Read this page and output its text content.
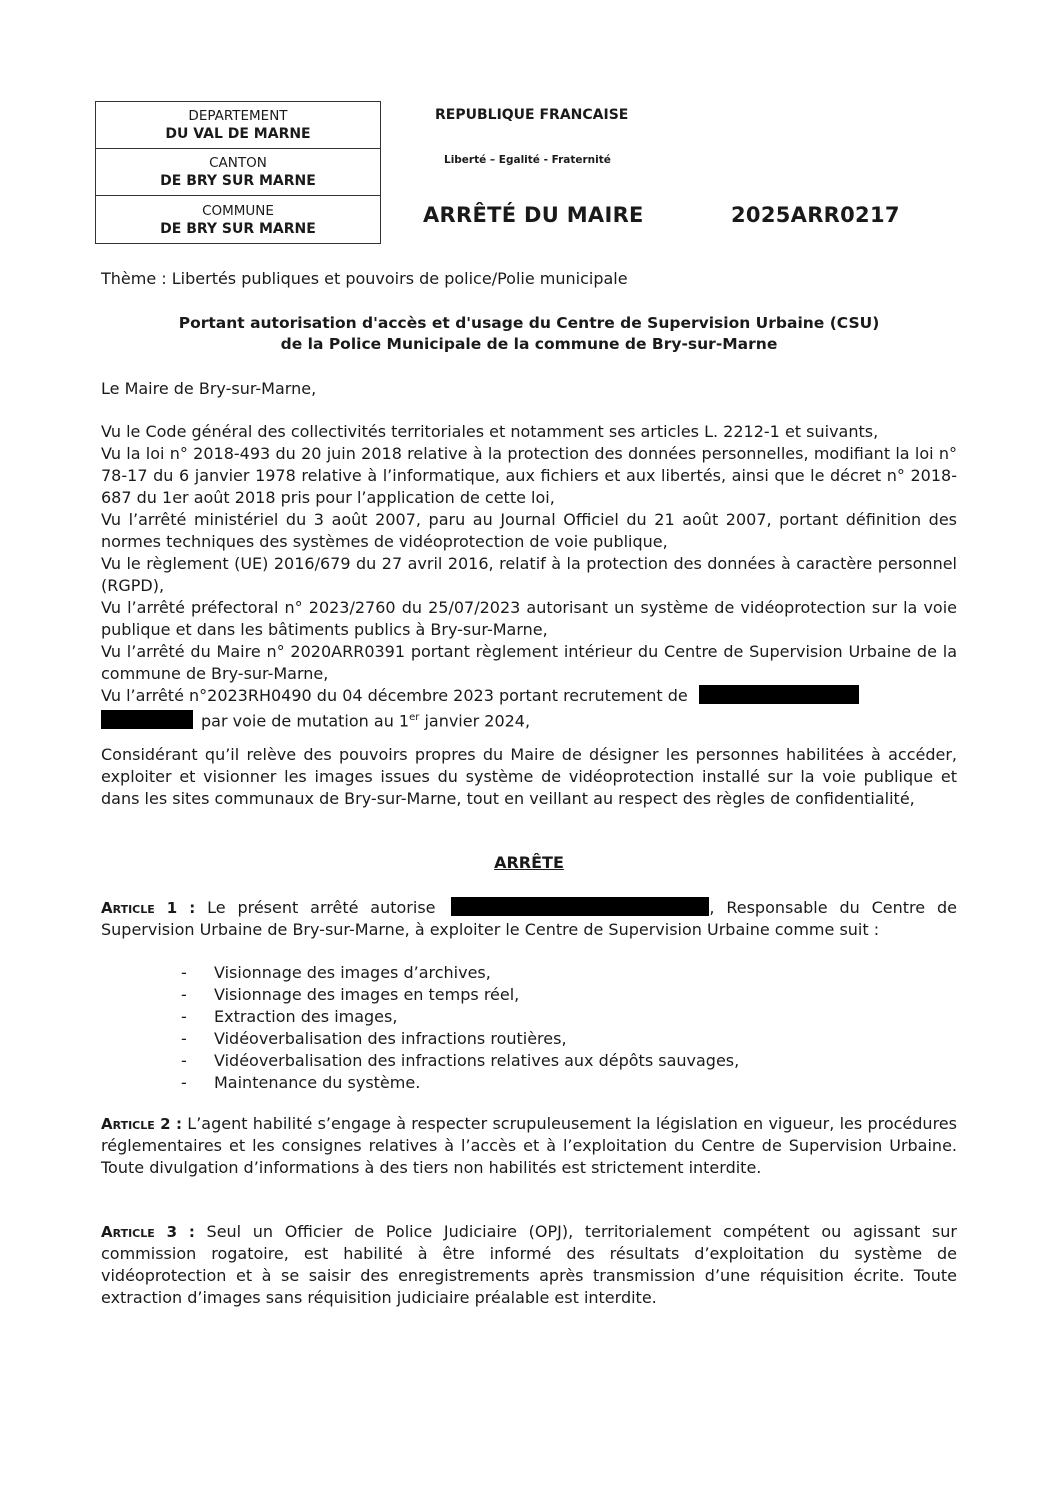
DEPARTEMENT
DU VAL DE MARNE
CANTON
DE BRY SUR MARNE
COMMUNE
DE BRY SUR MARNE
REPUBLIQUE FRANCAISE
Liberté – Egalité - Fraternité
ARRÊTÉ DU MAIRE	2025ARR0217
Thème : Libertés publiques et pouvoirs de police/Polie municipale
Portant autorisation d'accès et d'usage du Centre de Supervision Urbaine (CSU)
de la Police Municipale de la commune de Bry-sur-Marne
Le Maire de Bry-sur-Marne,

Vu le Code général des collectivités territoriales et notamment ses articles L. 2212-1 et suivants,

Vu la loi n° 2018-493 du 20 juin 2018 relative à la protection des données personnelles, modifiant la loi n° 78-17 du 6 janvier 1978 relative à l’informatique, aux fichiers et aux libertés, ainsi que le décret n° 2018-687 du 1er août 2018 pris pour l’application de cette loi,

Vu l’arrêté ministériel du 3 août 2007, paru au Journal Officiel du 21 août 2007, portant définition des normes techniques des systèmes de vidéoprotection de voie publique,

Vu le règlement (UE) 2016/679 du 27 avril 2016, relatif à la protection des données à caractère personnel (RGPD),

Vu l’arrêté préfectoral n° 2023/2760 du 25/07/2023 autorisant un système de vidéoprotection sur la voie publique et dans les bâtiments publics à Bry-sur-Marne,

Vu l’arrêté du Maire n° 2020ARR0391 portant règlement intérieur du Centre de Supervision Urbaine de la commune de Bry-sur-Marne,

Vu l’arrêté n°2023RH0490 du 04 décembre 2023 portant recrutement de
par voie de mutation au 1er janvier 2024,

Considérant qu’il relève des pouvoirs propres du Maire de désigner les personnes habilitées à accéder, exploiter et visionner les images issues du système de vidéoprotection installé sur la voie publique et dans les sites communaux de Bry-sur-Marne, tout en veillant au respect des règles de confidentialité,
ARRÊTE
Article 1 : Le présent arrêté autorise	, Responsable du Centre de Supervision Urbaine de Bry-sur-Marne, à exploiter le Centre de Supervision Urbaine comme suit :
- Visionnage des images d’archives,
- Visionnage des images en temps réel,
- Extraction des images,
- Vidéoverbalisation des infractions routières,
- Vidéoverbalisation des infractions relatives aux dépôts sauvages,
- Maintenance du système.
Article 2 : L’agent habilité s’engage à respecter scrupuleusement la législation en vigueur, les procédures réglementaires et les consignes relatives à l’accès et à l’exploitation du Centre de Supervision Urbaine. Toute divulgation d’informations à des tiers non habilités est strictement interdite.
Article 3 : Seul un Officier de Police Judiciaire (OPJ), territorialement compétent ou agissant sur commission rogatoire, est habilité à être informé des résultats d’exploitation du système de vidéoprotection et à se saisir des enregistrements après transmission d’une réquisition écrite. Toute extraction d’images sans réquisition judiciaire préalable est interdite.
